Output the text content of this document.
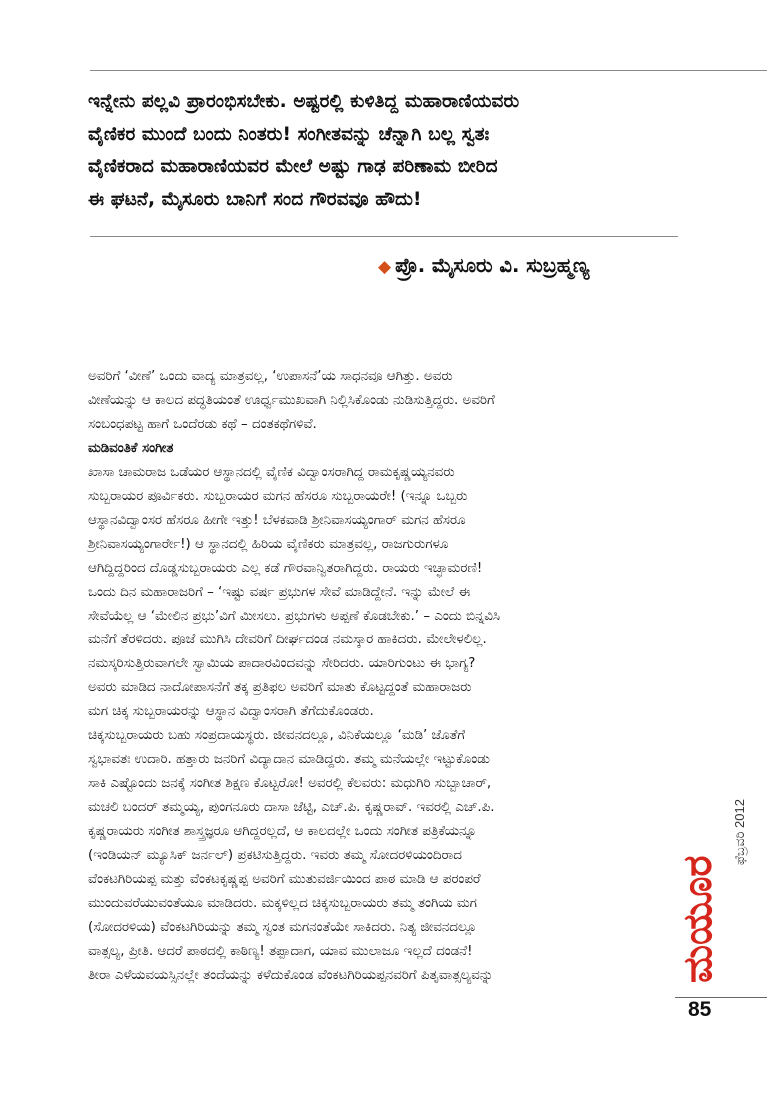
ಇನ್ನೇನು ಪಲ್ಲವಿ ಪ್ರಾರಂಭಿಸಬೇಕು. ಅಷ್ಟರಲ್ಲಿ ಕುಳಿತಿದ್ದ ಮಹಾರಾಣಿಯವರು
ವೈಣಿಕರ ಮುಂದೆ ಬಂದು ನಿಂತರು! ಸಂಗೀತವನ್ನು ಚೆನ್ನಾಗಿ ಬಲ್ಲ ಸ್ವತಃ
ವೈಣಿಕರಾದ ಮಹಾರಾಣಿಯವರ ಮೇಲೆ ಅಷ್ಟು ಗಾಢ ಪರಿಣಾಮ ಬೀರಿದ
ಈ ಘಟನೆ, ಮೈಸೂರು ಬಾನಿಗೆ ಸಂದ ಗೌರವವೂ ಹೌದು!

◆ ಪ್ರೊ. ಮೈಸೂರು ವಿ. ಸುಬ್ರಹ್ಮಣ್ಯ
ಅವರಿಗೆ ‘ವೀಣೆ’ ಒಂದು ವಾದ್ಯ ಮಾತ್ರವಲ್ಲ, ‘ಉಪಾಸನೆ’ಯ ಸಾಧನವೂ ಆಗಿತ್ತು. ಅವರು
ವೀಣೆಯನ್ನು ಆ ಕಾಲದ ಪದ್ಧತಿಯಂತೆ ಊರ್ಧ್ವಮುಖವಾಗಿ ನಿಲ್ಲಿಸಿಕೊಂಡು ನುಡಿಸುತ್ತಿದ್ದರು. ಅವರಿಗೆ
ಸಂಬಂಧಪಟ್ಟ ಹಾಗೆ ಒಂದೆರಡು ಕಥೆ – ದಂತಕಥೆಗಳಿವೆ.
ಮಡಿವಂತಿಕೆ ಸಂಗೀತ
ಖಾಸಾ ಚಾಮರಾಜ ಒಡೆಯರ ಆಸ್ಥಾನದಲ್ಲಿ ವೈಣಿಕ ವಿದ್ವಾಂಸರಾಗಿದ್ದ ರಾಮಕೃಷ್ಣಯ್ಯನವರು
ಸುಬ್ಬರಾಯರ ಪೂರ್ವಿಕರು. ಸುಬ್ಬರಾಯರ ಮಗನ ಹೆಸರೂ ಸುಬ್ಬರಾಯರೇ! (ಇನ್ನೂ ಒಬ್ಬರು
ಆಸ್ಥಾನವಿದ್ವಾಂಸರ ಹೆಸರೂ ಹೀಗೇ ಇತ್ತು! ಬೆಳಕವಾಡಿ ಶ್ರೀನಿವಾಸಯ್ಯಂಗಾರ್ ಮಗನ ಹೆಸರೂ
ಶ್ರೀನಿವಾಸಯ್ಯಂಗಾರ್ರೇ!) ಆ ಸ್ಥಾನದಲ್ಲಿ ಹಿರಿಯ ವೈಣಿಕರು ಮಾತ್ರವಲ್ಲ, ರಾಜಗುರುಗಳೂ
ಆಗಿದ್ದಿದ್ದರಿಂದ ದೊಡ್ಡಸುಬ್ಬರಾಯರು ಎಲ್ಲ ಕಡೆ ಗೌರವಾನ್ವಿತರಾಗಿದ್ದರು. ರಾಯರು ಇಚ್ಛಾಮರಣಿ!
ಒಂದು ದಿನ ಮಹಾರಾಜರಿಗೆ – ‘ಇಷ್ಟು ವರ್ಷ ಪ್ರಭುಗಳ ಸೇವೆ ಮಾಡಿದ್ದೇನೆ. ಇನ್ನು ಮೇಲೆ ಈ
ಸೇವೆಯೆಲ್ಲ ಆ ‘ಮೇಲಿನ ಪ್ರಭು’ವಿಗೆ ಮೀಸಲು. ಪ್ರಭುಗಳು ಅಪ್ಪಣೆ ಕೊಡಬೇಕು.’ – ಎಂದು ಬಿನ್ನವಿಸಿ
ಮನೆಗೆ ತೆರಳಿದರು. ಪೂಜೆ ಮುಗಿಸಿ ದೇವರಿಗೆ ದೀರ್ಘದಂಡ ನಮಸ್ಕಾರ ಹಾಕಿದರು. ಮೇಲೇಳಲಿಲ್ಲ.
ನಮಸ್ಕರಿಸುತ್ತಿರುವಾಗಲೇ ಸ್ವಾಮಿಯ ಪಾದಾರವಿಂದವನ್ನು ಸೇರಿದರು. ಯಾರಿಗುಂಟು ಈ ಭಾಗ್ಯ?
ಅವರು ಮಾಡಿದ ನಾದೋಪಾಸನೆಗೆ ತಕ್ಕ ಪ್ರತಿಫಲ ಅವರಿಗೆ ಮಾತು ಕೊಟ್ಟದ್ದಂತೆ ಮಹಾರಾಜರು
ಮಗ ಚಿಕ್ಕ ಸುಬ್ಬರಾಯರನ್ನು ಆಸ್ಥಾನ ವಿದ್ವಾಂಸರಾಗಿ ತೆಗೆದುಕೊಂಡರು.
ಚಿಕ್ಕಸುಬ್ಬರಾಯರು ಬಹು ಸಂಪ್ರದಾಯಸ್ಥರು. ಜೀವನದಲ್ಲೂ, ವಿನಿಕೆಯಲ್ಲೂ ‘ಮಡಿ’ ಜೊತೆಗೆ
ಸ್ವಭಾವತಃ ಉದಾರಿ. ಹತ್ತಾರು ಜನರಿಗೆ ವಿದ್ಯಾದಾನ ಮಾಡಿದ್ದರು. ತಮ್ಮ ಮನೆಯಲ್ಲೇ ಇಟ್ಟುಕೊಂಡು
ಸಾಕಿ ಎಷ್ಟೊಂದು ಜನಕ್ಕೆ ಸಂಗೀತ ಶಿಕ್ಷಣ ಕೊಟ್ಟರೋ! ಅವರಲ್ಲಿ ಕೆಲವರು: ಮಧುಗಿರಿ ಸುಬ್ಬಾಚಾರ್,
ಮಚಲಿ ಬಂದರ್ ತಮ್ಮಯ್ಯ, ಪುಂಗನೂರು ದಾಸಾ ಜೆಟ್ಟಿ, ಎಚ್.ಪಿ. ಕೃಷ್ಣರಾವ್. ಇವರಲ್ಲಿ ಎಚ್.ಪಿ.
ಕೃಷ್ಣರಾಯರು ಸಂಗೀತ ಶಾಸ್ತ್ರಜ್ಞರೂ ಆಗಿದ್ದರಲ್ಲದೆ, ಆ ಕಾಲದಲ್ಲೇ ಒಂದು ಸಂಗೀತ ಪತ್ರಿಕೆಯನ್ನೂ
(ಇಂಡಿಯನ್ ಮ್ಯೂಸಿಕ್ ಜರ್ನಲ್) ಪ್ರಕಟಿಸುತ್ತಿದ್ದರು. ಇವರು ತಮ್ಮ ಸೋದರಳಿಯಂದಿರಾದ
ವೆಂಕಟಗಿರಿಯಪ್ಪ ಮತ್ತು ವೆಂಕಟಕೃಷ್ಣಪ್ಪ ಅವರಿಗೆ ಮುತುವರ್ಜಿಯಿಂದ ಪಾಠ ಮಾಡಿ ಆ ಪರಂಪರೆ
ಮುಂದುವರೆಯುವಂತೆಯೂ ಮಾಡಿದರು. ಮಕ್ಕಳಿಲ್ಲದ ಚಿಕ್ಕಸುಬ್ಬರಾಯರು ತಮ್ಮ ತಂಗಿಯ ಮಗ
(ಸೋದರಳಿಯ) ವೆಂಕಟಗಿರಿಯನ್ನು ತಮ್ಮ ಸ್ವಂತ ಮಗನಂತೆಯೇ ಸಾಕಿದರು. ನಿತ್ಯ ಜೀವನದಲ್ಲೂ
ವಾತ್ಸಲ್ಯ, ಪ್ರೀತಿ. ಆದರೆ ಪಾಠದಲ್ಲಿ ಕಾಠಿಣ್ಯ! ತಪ್ಪಾದಾಗ, ಯಾವ ಮುಲಾಜೂ ಇಲ್ಲದೆ ದಂಡನೆ!
ತೀರಾ ಎಳೆಯವಯಸ್ಸಿನಲ್ಲೇ ತಂದೆಯನ್ನು ಕಳೆದುಕೊಂಡ ವೆಂಕಟಗಿರಿಯಪ್ಪನವರಿಗೆ ಪಿತೃವಾತ್ಸಲ್ಯವನ್ನು
ಫೆಬ್ರವರಿ 2012
ಮಯೂರ
85
